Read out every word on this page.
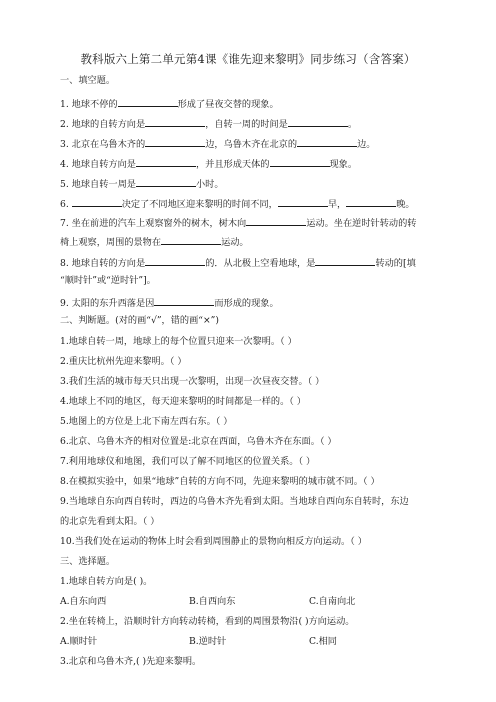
教科版六上第二单元第4课《谁先迎来黎明》同步练习（含答案）
一、填空题。
1. 地球不停的	形成了昼夜交替的现象。
2. 地球的自转方向是	，自转一周的时间是	。
3. 北京在乌鲁木齐的	边，乌鲁木齐在北京的	边。
4. 地球自转方向是	，并且形成天体的	现象。
5. 地球自转一周是	小时。
6.	决定了不同地区迎来黎明的时间不同，	早，	晚。
7. 坐在前进的汽车上观察窗外的树木，树木向	运动。坐在逆时针转动的转
椅上观察，周围的景物在	运动。
8. 地球自转的方向是	的．从北极上空看地球，是	转动的[填
“顺时针”或“逆时针”]。
9. 太阳的东升西落是因	而形成的现象。
二、判断题。(对的画“√”，错的画“×”)
1.地球自转一周，地球上的每个位置只迎来一次黎明。（ ）
2.重庆比杭州先迎来黎明。（ ）
3.我们生活的城市每天只出现一次黎明，出现一次昼夜交替。（ ）
4.地球上不同的地区，每天迎来黎明的时间都是一样的。（ ）
5.地图上的方位是上北下南左西右东。（ ）
6.北京、乌鲁木齐的相对位置是:北京在西面，乌鲁木齐在东面。（ ）
7.利用地球仪和地图，我们可以了解不同地区的位置关系。（ ）
8.在模拟实验中，如果“地球”自转的方向不同，先迎来黎明的城市就不同。（ ）
9.当地球自东向西自转时，西边的乌鲁木齐先看到太阳。当地球自西向东自转时，东边
的北京先看到太阳。（ ）
10.当我们处在运动的物体上时会看到周围静止的景物向相反方向运动。（ ）
三、选择题。
1.地球自转方向是( )。
A.自东向西	B.自西向东	C.自南向北
2.坐在转椅上，沿顺时针方向转动转椅，看到的周围景物沿( )方向运动。
A.顺时针	B.逆时针	C.相同
3.北京和乌鲁木齐,( )先迎来黎明。
